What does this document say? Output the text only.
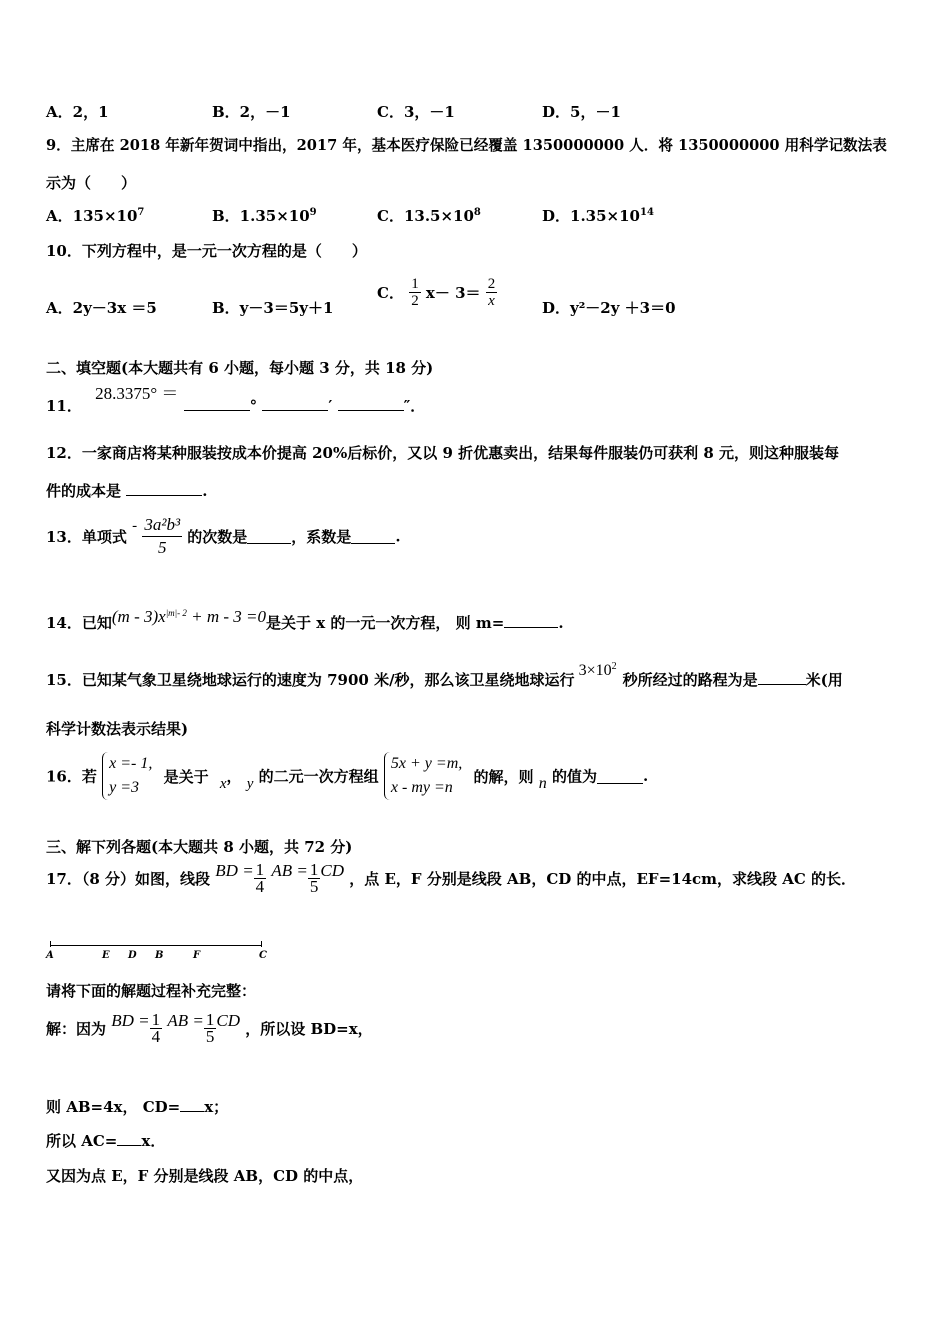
A．2，1	B．2，－1	C．3，－1	D．5，－1
9．主席在 2018 年新年贺词中指出，2017 年，基本医疗保险已经覆盖 1350000000 人．将 1350000000 用科学记数法表
示为（　　）
A．$135\times 10^7$	B．$1.35\times 10^9$	C．$13.5\times 10^8$	D．$1.35\times 10^{14}$
10．下列方程中，是一元一次方程的是（　　）
A．2y－3x ＝5	B．y－3＝5y＋1
C． $\frac{1}{2} x- 3= \frac{2}{x}$	D．y²－2y ＋3＝0
二、填空题(本大题共有 6 小题，每小题 3 分，共 18 分)
11． 28.3375° ＝ °	′	″．
12．一家商店将某种服装按成本价提高 20%后标价，又以 9 折优惠卖出，结果每件服装仍可获利 8 元，则这种服装每
件的成本是	.
13．单项式 - $\frac{\text{3a²b³}}{5}$ 的次数是	，系数是	.
14．已知$(m - 3)x^{|m|- 2} + m - 3 =0$是关于 x 的一元一次方程， 则 m=	.
15．已知某气象卫星绕地球运行的速度为 7900 米/秒，那么该卫星绕地球运行$3\times 10^2$秒所经过的路程为是	米(用
科学计数法表示结果)
16．若
x =- 1,
y =3
是关于 x， y 的二元一次方程组
5x + y =m,
x - my =n
的解，则 n 的值为	.
三、解下列各题(本大题共 8 小题，共 72 分)
17．（8 分）如图，线段 BD = $\frac{1}{4}$ AB = $\frac{1}{5}$ CD ，点 E，F 分别是线段 AB，CD 的中点，EF=14cm，求线段 AC 的长．
A	E D B	F	C
请将下面的解题过程补充完整：
解：因为 BD = $\frac{1}{4}$ AB = $\frac{1}{5}$ CD ，所以设 BD=x，
则 AB=4x， CD= x；
所以 AC= x．
又因为点 E，F 分别是线段 AB，CD 的中点，
